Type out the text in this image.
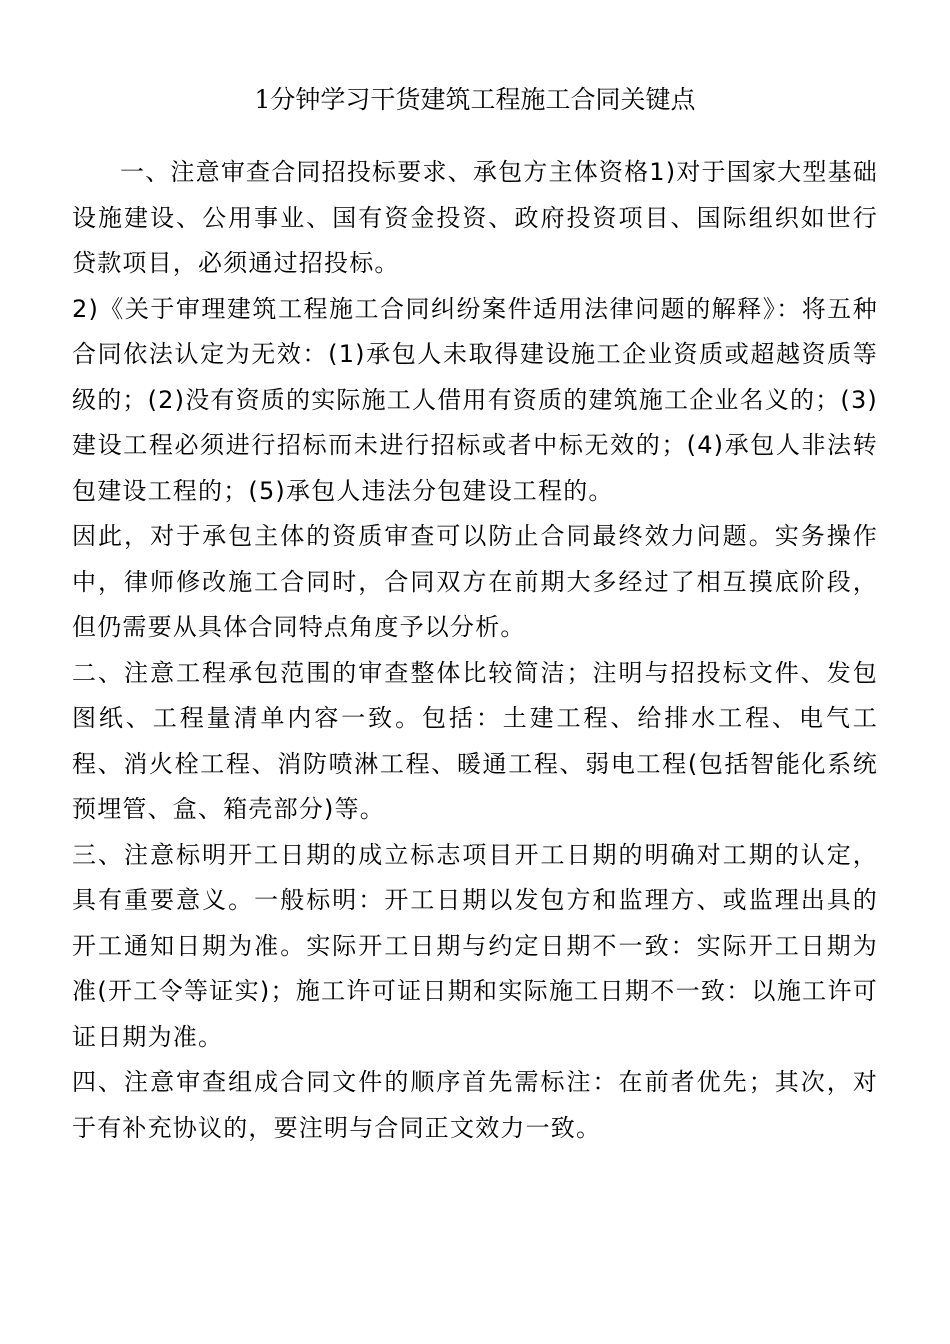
1分钟学习干货建筑工程施工合同关键点

一、注意审查合同招投标要求、承包方主体资格1)对于国家大型基础设施建设、公用事业、国有资金投资、政府投资项目、国际组织如世行贷款项目，必须通过招投标。

2)《关于审理建筑工程施工合同纠纷案件适用法律问题的解释》：将五种合同依法认定为无效：(1)承包人未取得建设施工企业资质或超越资质等级的；(2)没有资质的实际施工人借用有资质的建筑施工企业名义的；(3)建设工程必须进行招标而未进行招标或者中标无效的；(4)承包人非法转包建设工程的；(5)承包人违法分包建设工程的。

因此，对于承包主体的资质审查可以防止合同最终效力问题。实务操作中，律师修改施工合同时，合同双方在前期大多经过了相互摸底阶段，但仍需要从具体合同特点角度予以分析。

二、注意工程承包范围的审查整体比较简洁；注明与招投标文件、发包图纸、工程量清单内容一致。包括：土建工程、给排水工程、电气工程、消火栓工程、消防喷淋工程、暖通工程、弱电工程(包括智能化系统预埋管、盒、箱壳部分)等。

三、注意标明开工日期的成立标志项目开工日期的明确对工期的认定，具有重要意义。一般标明：开工日期以发包方和监理方、或监理出具的开工通知日期为准。实际开工日期与约定日期不一致：实际开工日期为准(开工令等证实)；施工许可证日期和实际施工日期不一致：以施工许可证日期为准。

四、注意审查组成合同文件的顺序首先需标注：在前者优先；其次，对于有补充协议的，要注明与合同正文效力一致。
